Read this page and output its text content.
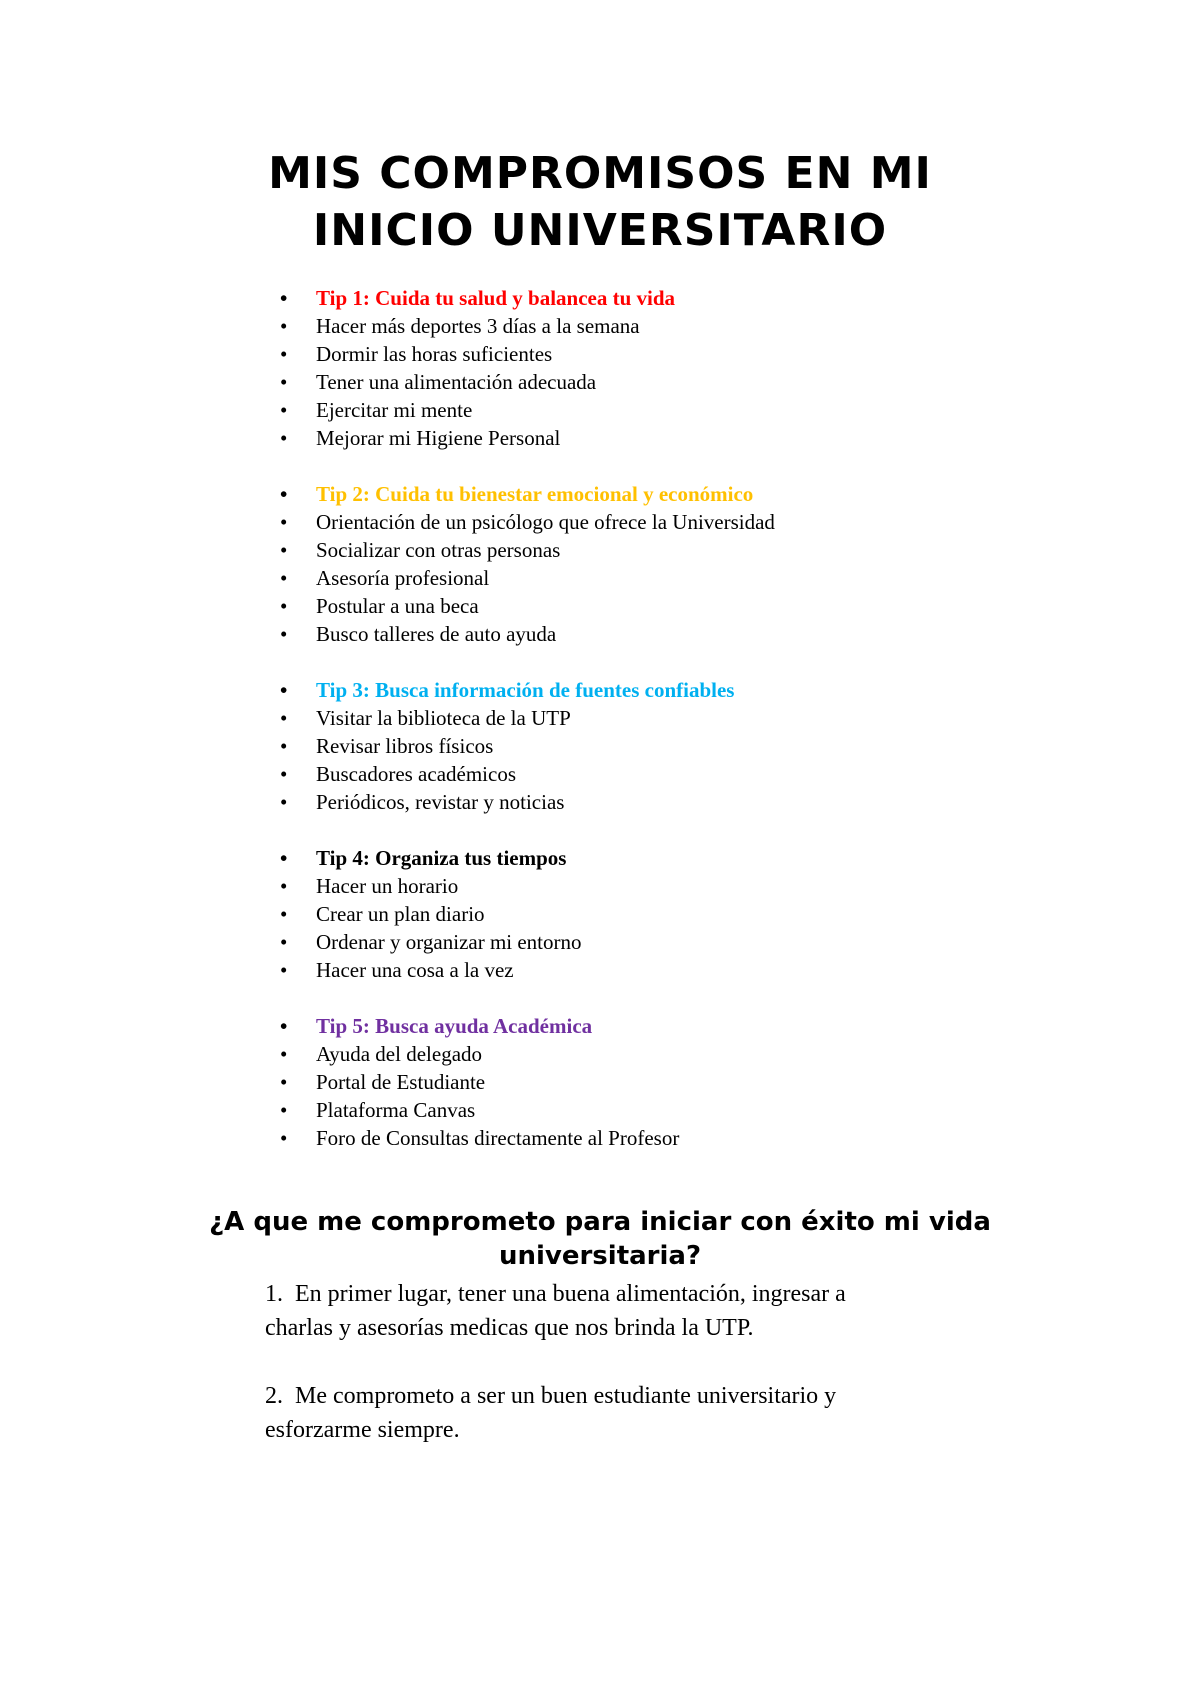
MIS COMPROMISOS EN MI
INICIO UNIVERSITARIO
• Tip 1: Cuida tu salud y balancea tu vida
• Hacer más deportes 3 días a la semana
• Dormir las horas suficientes
• Tener una alimentación adecuada
• Ejercitar mi mente
• Mejorar mi Higiene Personal
• Tip 2: Cuida tu bienestar emocional y económico
• Orientación de un psicólogo que ofrece la Universidad
• Socializar con otras personas
• Asesoría profesional
• Postular a una beca
• Busco talleres de auto ayuda
• Tip 3: Busca información de fuentes confiables
• Visitar la biblioteca de la UTP
• Revisar libros físicos
• Buscadores académicos
• Periódicos, revistar y noticias
• Tip 4: Organiza tus tiempos
• Hacer un horario
• Crear un plan diario
• Ordenar y organizar mi entorno
• Hacer una cosa a la vez
• Tip 5: Busca ayuda Académica
• Ayuda del delegado
• Portal de Estudiante
• Plataforma Canvas
• Foro de Consultas directamente al Profesor
¿A que me comprometo para iniciar con éxito mi vida
universitaria?

1. En primer lugar, tener una buena alimentación, ingresar a
charlas y asesorías medicas que nos brinda la UTP.

2. Me comprometo a ser un buen estudiante universitario y
esforzarme siempre.
